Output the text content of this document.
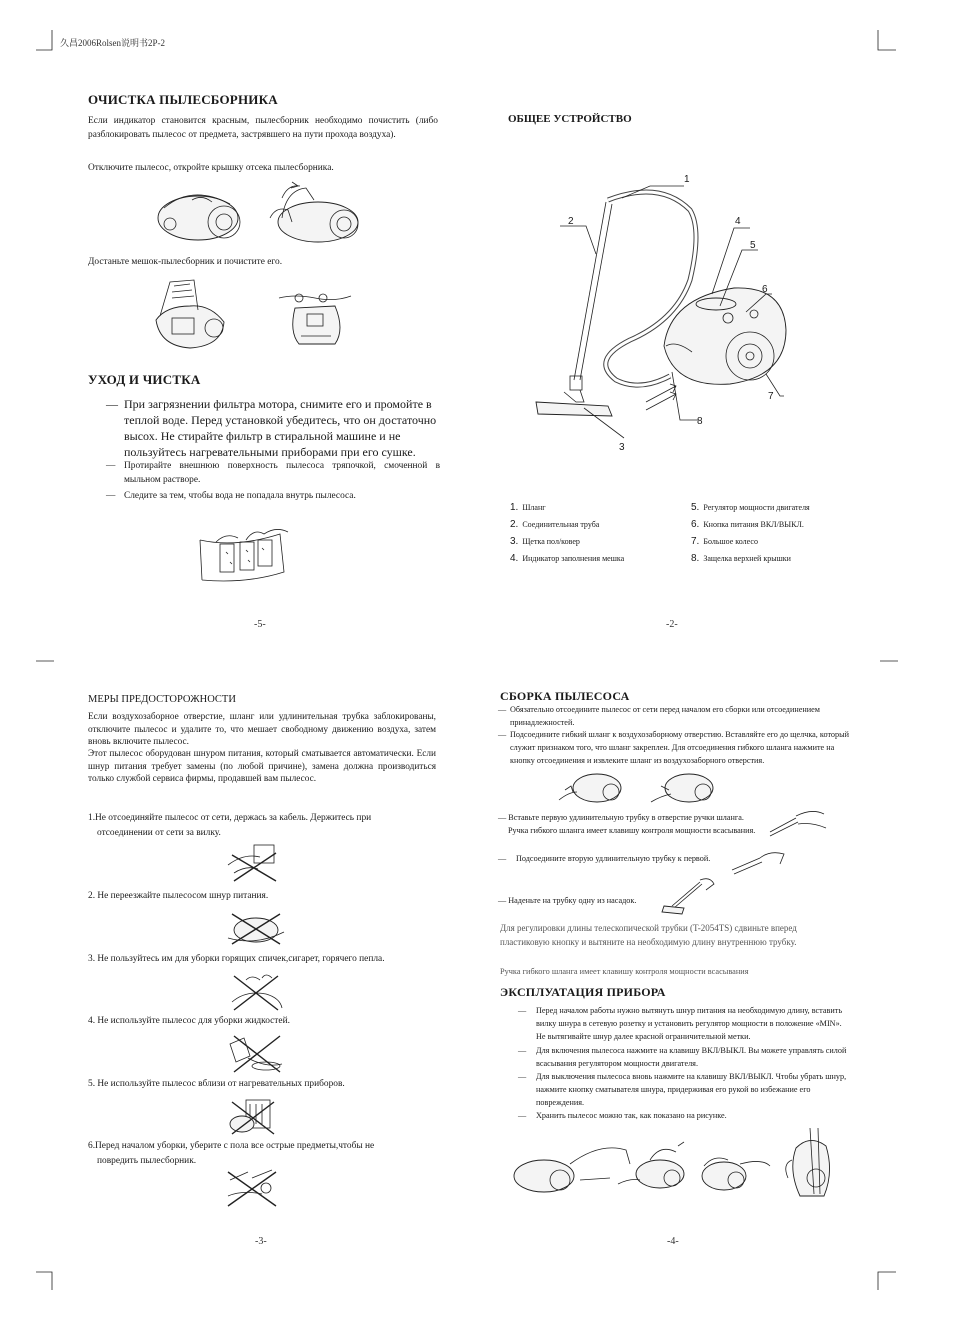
久昌2006Rolsen说明书2P-2
ОЧИСТКА ПЫЛЕСБОРНИКА
Если индикатор становится красным, пылесборник необходимо почистить (либо разблокировать пылесос от предмета, застрявшего на пути прохода воздуха).
Отключите пылесос, откройте крышку отсека пылесборника.
Достаньте мешок-пылесборник и почистите его.
УХОД И ЧИСТКА
— При загрязнении фильтра мотора, снимите его и промойте в теплой воде. Перед установкой убедитесь, что он достаточно высох. Не стирайте фильтр в стиральной машине и не пользуйтесь нагревательными приборами при его сушке.
— Протирайте внешнюю поверхность пылесоса тряпочкой, смоченной в мыльном растворе.
— Следите за тем, чтобы вода не попадала внутрь пылесоса.
-5-
ОБЩЕЕ УСТРОЙСТВО
1
2	4
5
6
7
8
3
1. Шланг
2. Соединительная труба
3. Щетка пол/ковер
4. Индикатор заполнения мешка
5. Регулятор мощности двигателя
6. Кнопка питания ВКЛ/ВЫКЛ.
7. Большое колесо
8. Защелка верхней крышки
-2-
МЕРЫ ПРЕДОСТОРОЖНОСТИ
Если воздухозаборное отверстие, шланг или удлинительная трубка заблокированы, отключите пылесос и удалите то, что мешает свободному движению воздуха, затем вновь включите пылесос.
Этот пылесос оборудован шнуром питания, который сматывается автоматически. Если шнур питания требует замены (по любой причине), замена должна производиться только службой сервиса фирмы, продавшей вам пылесос.
1.Не отсоединяйте пылесос от сети, держась за кабель. Держитесь при
отсоединении от сети за вилку.
2. Не переезжайте пылесосом шнур питания.
3. Не пользуйтесь им для уборки горящих спичек,сигарет, горячего пепла.
4. Не используйте пылесос для уборки жидкостей.
5. Не используйте пылесос вблизи от нагревательных приборов.
6.Перед началом уборки, уберите с пола все острые предметы,чтобы не
повредить пылесборник.
-3-
СБОРКА ПЫЛЕСОСА
— Обязательно отсоедините пылесос от сети перед началом его сборки или отсоединением принадлежностей.
— Подсоедините гибкий шланг к воздухозаборному отверстию. Вставляйте его до щелчка, который служит признаком того, что шланг закреплен. Для отсоединения гибкого шланга нажмите на кнопку отсоединения и извлеките шланг из воздухозаборного отверстия.
— Вставьте первую удлинительную трубку в отверстие ручки шланга.
Ручка гибкого шланга имеет клавишу контроля мощности всасывания.
—	Подсоедините вторую удлинительную трубку к первой.
— Наденьте на трубку одну из насадок.
Для регулировки длины телескопической трубки (T-2054TS) сдвиньте вперед пластиковую кнопку и вытяните на необходимую длину внутреннюю трубку.
Ручка гибкого шланга имеет клавишу контроля мощности всасывания
ЭКСПЛУАТАЦИЯ ПРИБОРА
—	Перед началом работы нужно вытянуть шнур питания на необходимую длину, вставить вилку шнура в сетевую розетку и установить регулятор мощности в положение «MIN». Не вытягивайте шнур далее красной ограничительной метки.
—	Для включения пылесоса нажмите на клавишу ВКЛ/ВЫКЛ. Вы можете управлять силой всасывания регулятором мощности двигателя.
—	Для выключения пылесоса вновь нажмите на клавишу ВКЛ/ВЫКЛ. Чтобы убрать шнур, нажмите кнопку сматывателя шнура, придерживая его рукой во избежание его повреждения.
—	Хранить пылесос можно так, как показано на рисунке.
-4-
